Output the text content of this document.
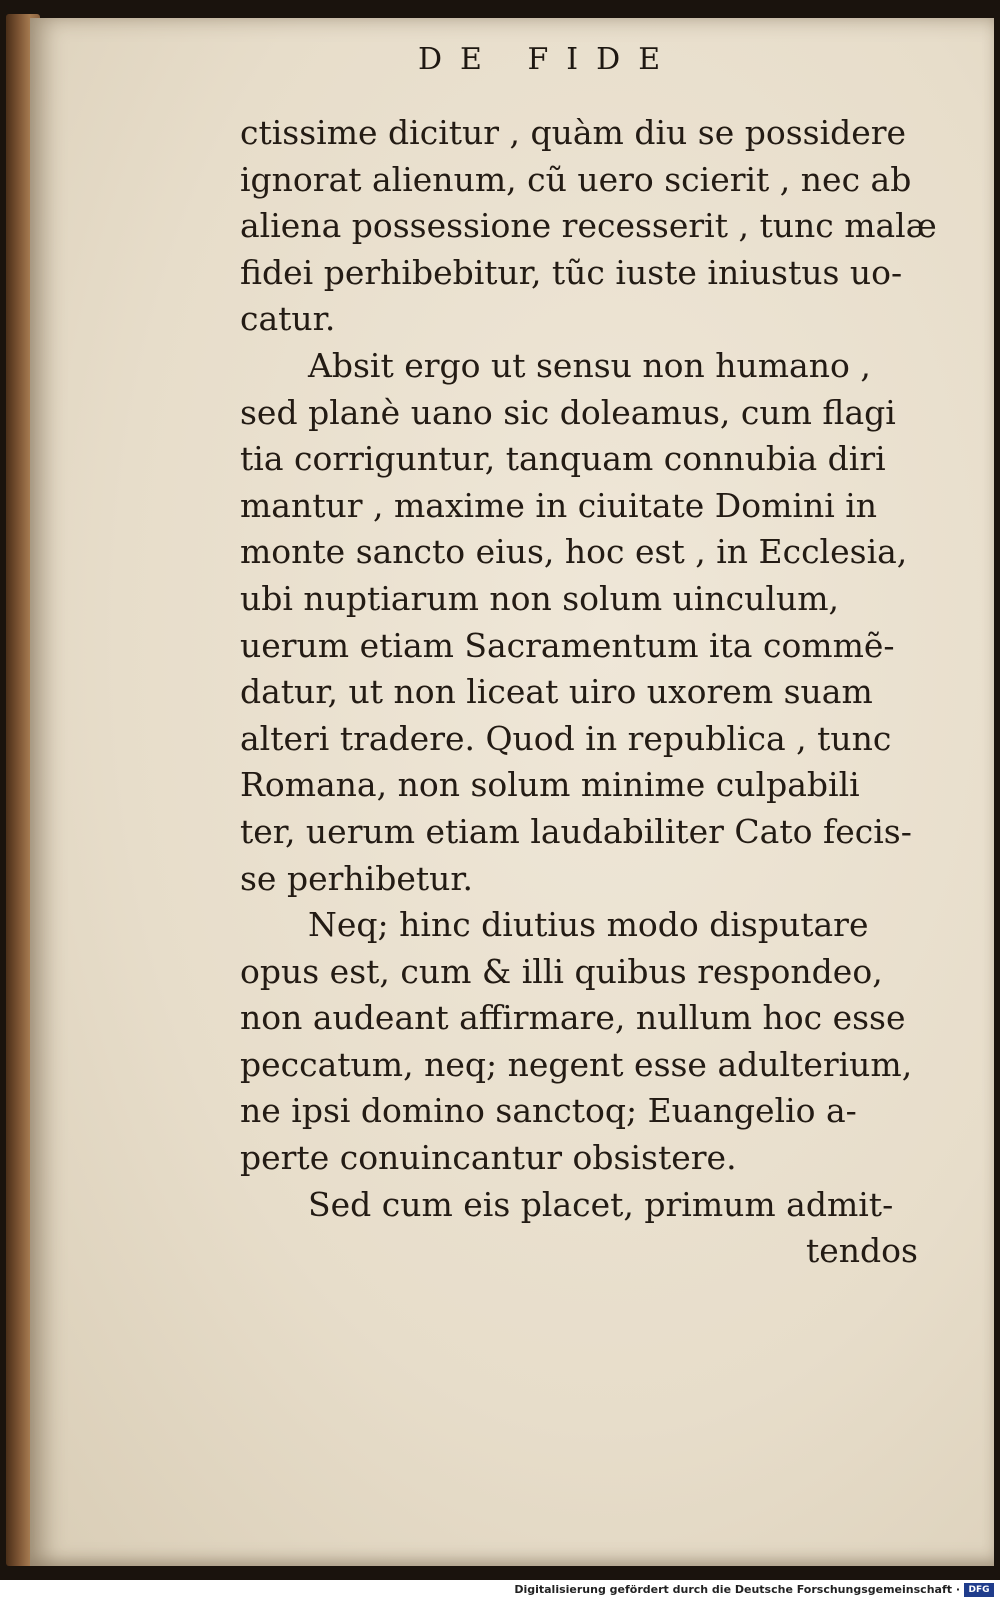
DE FIDE
ctissime dicitur , quàm diu se possidere
ignorat alienum, cũ uero scierit , nec ab
aliena possessione recesserit , tunc malæ
fidei perhibebitur, tũc iuste iniustus uo-
catur.
Absit ergo ut sensu non humano ,
sed planè uano sic doleamus, cum flagi
tia corriguntur, tanquam connubia diri
mantur , maxime in ciuitate Domini in
monte sancto eius, hoc est , in Ecclesia,
ubi nuptiarum non solum uinculum,
uerum etiam Sacramentum ita commẽ-
datur, ut non liceat uiro uxorem suam
alteri tradere. Quod in republica , tunc
Romana, non solum minime culpabili
ter, uerum etiam laudabiliter Cato fecis-
se perhibetur.
Neq; hinc diutius modo disputare
opus est, cum & illi quibus respondeo,
non audeant affirmare, nullum hoc esse
peccatum, neq; negent esse adulterium,
ne ipsi domino sanctoq; Euangelio a-
perte conuincantur obsistere.
Sed cum eis placet, primum admit-
tendos
Digitalisierung gefördert durch die Deutsche Forschungsgemeinschaft · DFG
